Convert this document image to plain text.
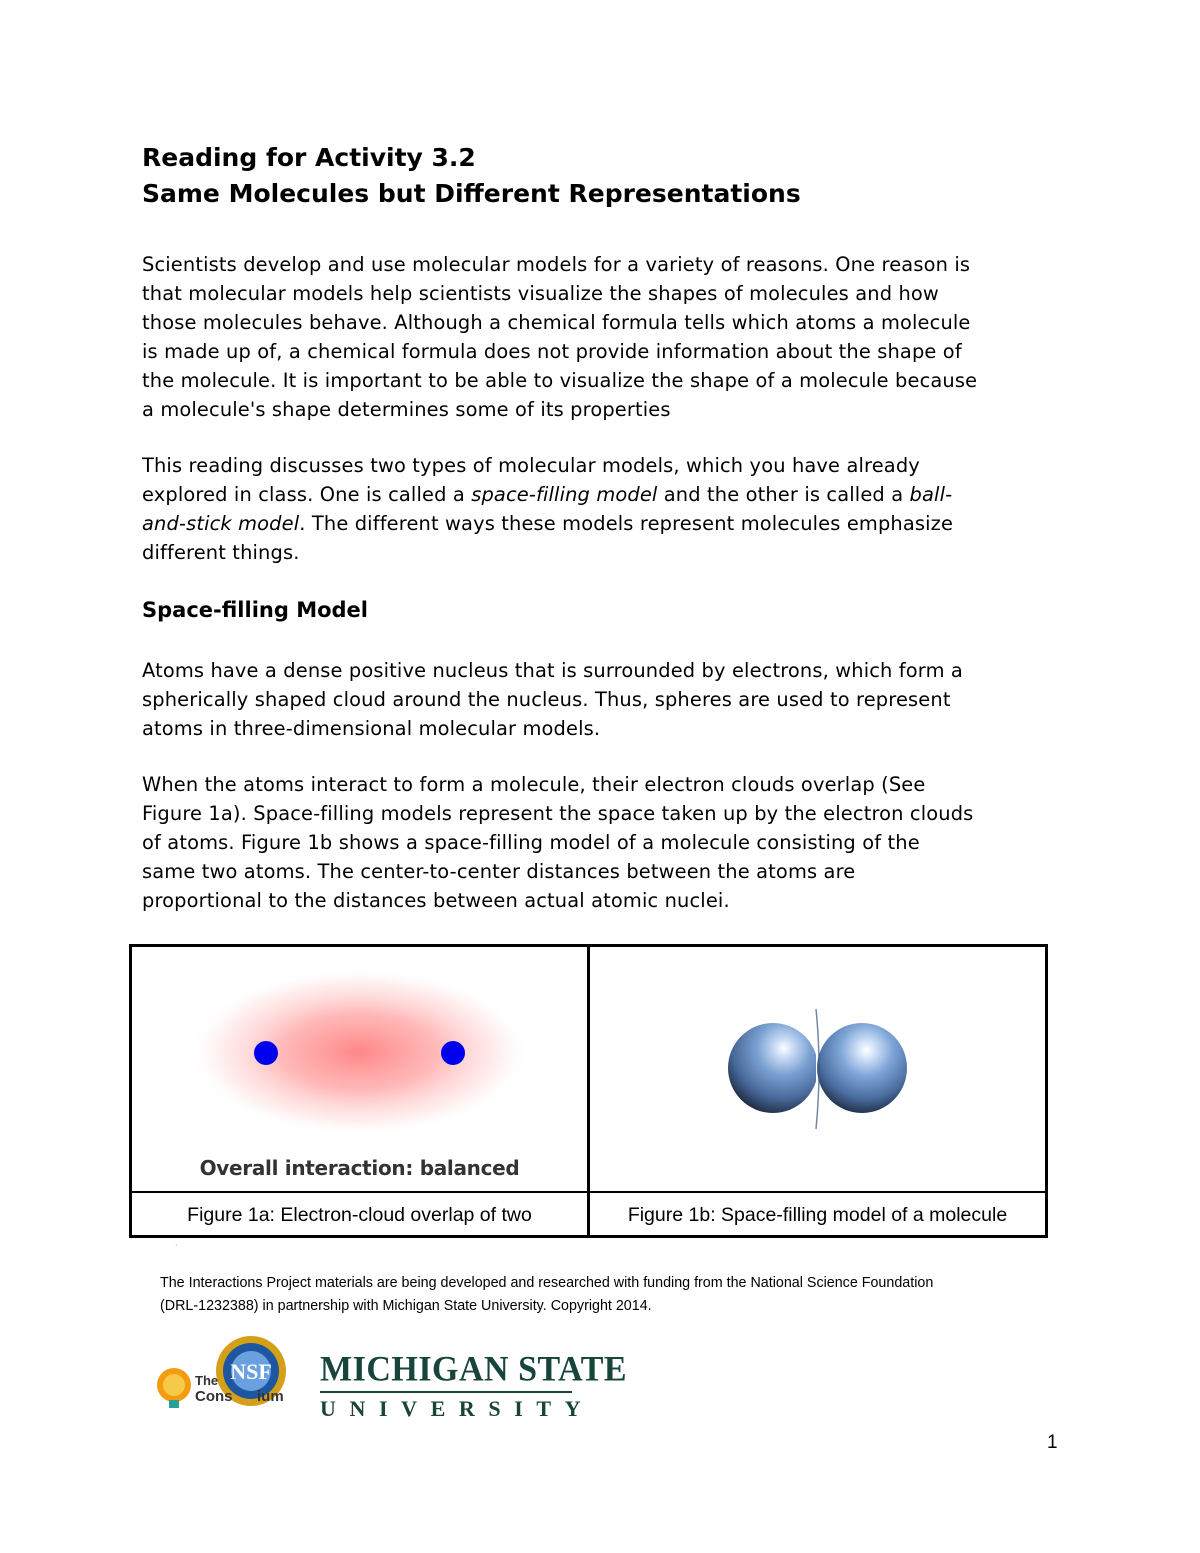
Reading for Activity 3.2
Same Molecules but Different Representations

Scientists develop and use molecular models for a variety of reasons. One reason is
that molecular models help scientists visualize the shapes of molecules and how
those molecules behave. Although a chemical formula tells which atoms a molecule
is made up of, a chemical formula does not provide information about the shape of
the molecule. It is important to be able to visualize the shape of a molecule because
a molecule's shape determines some of its properties

This reading discusses two types of molecular models, which you have already
explored in class. One is called a space-filling model and the other is called a ball-
and-stick model. The different ways these models represent molecules emphasize
different things.

Space-filling Model

Atoms have a dense positive nucleus that is surrounded by electrons, which form a
spherically shaped cloud around the nucleus. Thus, spheres are used to represent
atoms in three-dimensional molecular models.

When the atoms interact to form a molecule, their electron clouds overlap (See
Figure 1a). Space-filling models represent the space taken up by the electron clouds
of atoms. Figure 1b shows a space-filling model of a molecule consisting of the
same two atoms. The center-to-center distances between the atoms are
proportional to the distances between actual atomic nuclei.

Overall interaction: balanced
Figure 1a: Electron-cloud overlap of two	Figure 1b: Space-filling model of a molecule
·

The Interactions Project materials are being developed and researched with funding from the National Science Foundation
(DRL-1232388) in partnership with Michigan State University. Copyright 2014.

NSF
The
Cons ium
MICHIGAN STATE
UNIVERSITY
1
